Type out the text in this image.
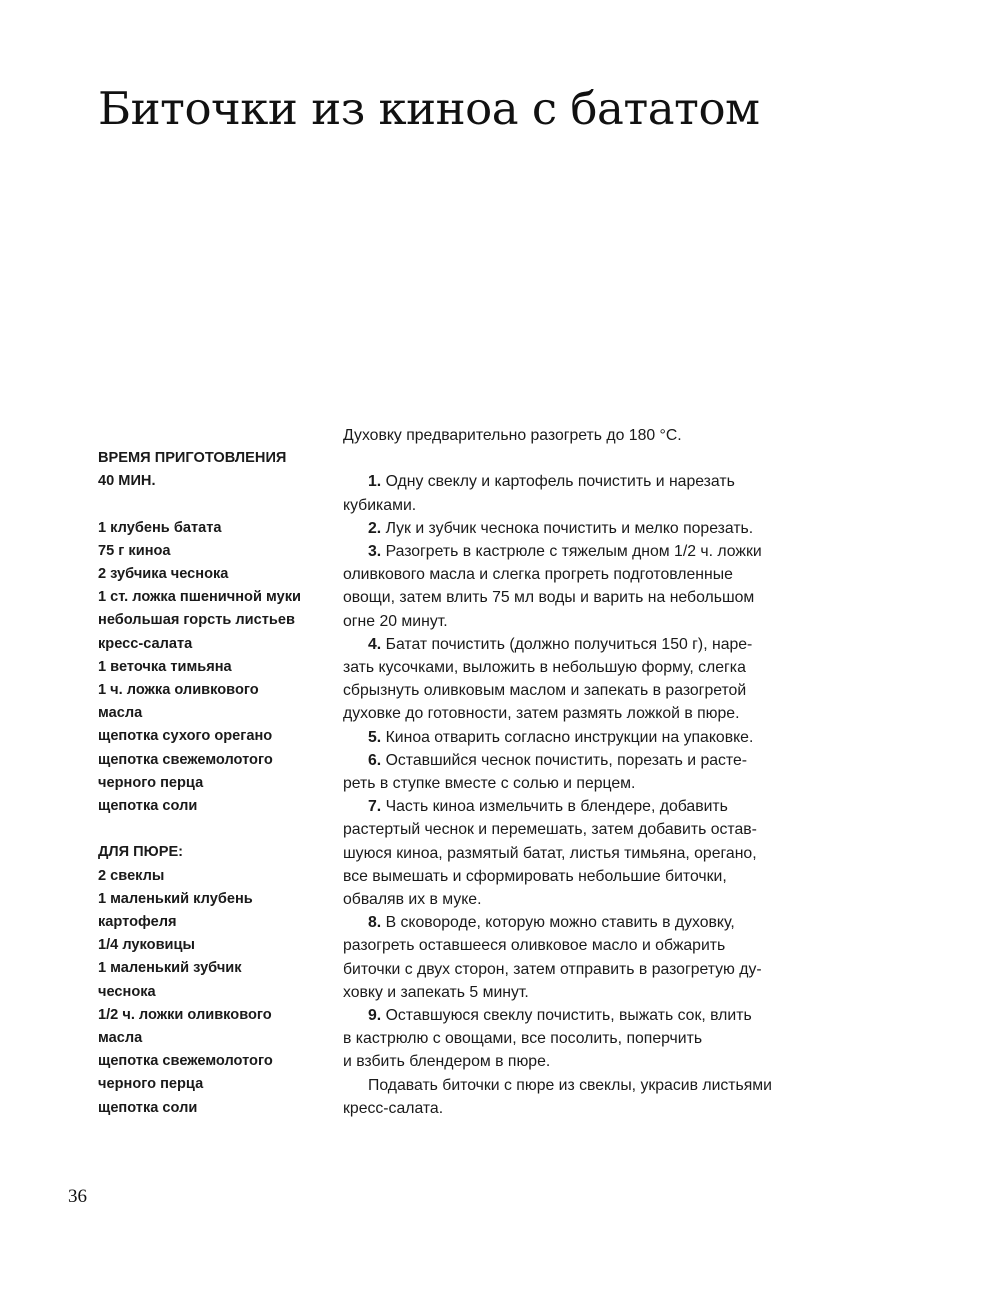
Биточки из киноа с бататом
ВРЕМЯ ПРИГОТОВЛЕНИЯ
40 МИН.
1 клубень батата
75 г киноа
2 зубчика чеснока
1 ст. ложка пшеничной муки
небольшая горсть листьев
кресс-салата
1 веточка тимьяна
1 ч. ложка оливкового
масла
щепотка сухого орегано
щепотка свежемолотого
черного перца
щепотка соли
ДЛЯ ПЮРЕ:
2 свеклы
1 маленький клубень
картофеля
1/4 луковицы
1 маленький зубчик
чеснока
1/2 ч. ложки оливкового
масла
щепотка свежемолотого
черного перца
щепотка соли
Духовку предварительно разогреть до 180 °C.
1. Одну свеклу и картофель почистить и нарезать
кубиками.
2. Лук и зубчик чеснока почистить и мелко порезать.
3. Разогреть в кастрюле с тяжелым дном 1/2 ч. ложки
оливкового масла и слегка прогреть подготовленные
овощи, затем влить 75 мл воды и варить на небольшом
огне 20 минут.
4. Батат почистить (должно получиться 150 г), наре-
зать кусочками, выложить в небольшую форму, слегка
сбрызнуть оливковым маслом и запекать в разогретой
духовке до готовности, затем размять ложкой в пюре.
5. Киноа отварить согласно инструкции на упаковке.
6. Оставшийся чеснок почистить, порезать и расте-
реть в ступке вместе с солью и перцем.
7. Часть киноа измельчить в блендере, добавить
растертый чеснок и перемешать, затем добавить остав-
шуюся киноа, размятый батат, листья тимьяна, орегано,
все вымешать и сформировать небольшие биточки,
обваляв их в муке.
8. В сковороде, которую можно ставить в духовку,
разогреть оставшееся оливковое масло и обжарить
биточки с двух сторон, затем отправить в разогретую ду-
ховку и запекать 5 минут.
9. Оставшуюся свеклу почистить, выжать сок, влить
в кастрюлю с овощами, все посолить, поперчить
и взбить блендером в пюре.
Подавать биточки с пюре из свеклы, украсив листьями
кресс-салата.
36
